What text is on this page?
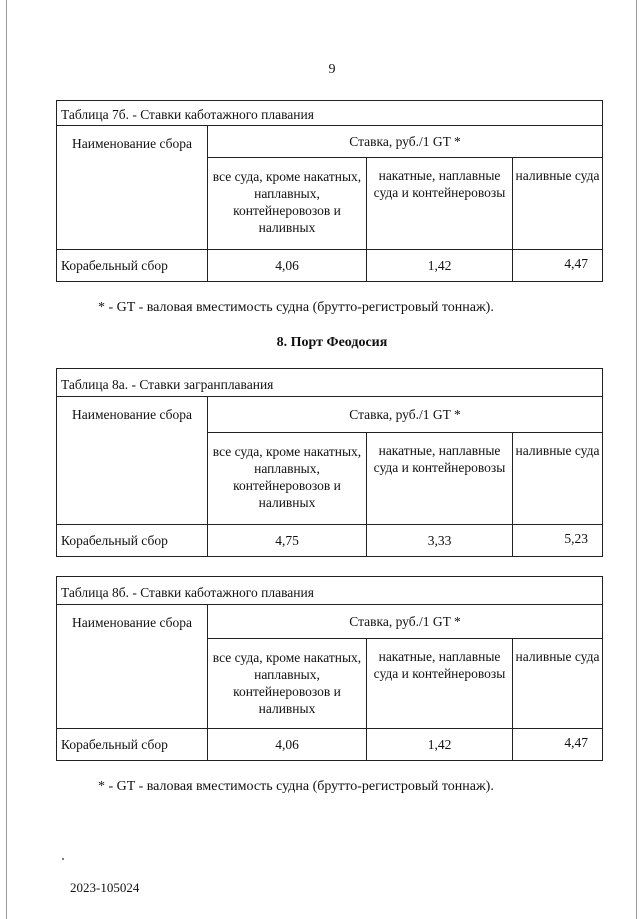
9
Таблица 7б. - Ставки каботажного плавания			
Наименование сбора	Ставка, руб./1 GT *		
	все суда, кроме накатных, наплавных, контейнеровозов и наливных	накатные, наплавные суда и контейнеровозы	наливные суда
Корабельный сбор	4,06	1,42	4,47
* - GT - валовая вместимость судна (брутто-регистровый тоннаж).
8. Порт Феодосия
Таблица 8а. - Ставки загранплавания			
Наименование сбора	Ставка, руб./1 GT *		
	все суда, кроме накатных, наплавных, контейнеровозов и наливных	накатные, наплавные суда и контейнеровозы	наливные суда
Корабельный сбор	4,75	3,33	5,23
Таблица 8б. - Ставки каботажного плавания			
Наименование сбора	Ставка, руб./1 GT *		
	все суда, кроме накатных, наплавных, контейнеровозов и наливных	накатные, наплавные суда и контейнеровозы	наливные суда
Корабельный сбор	4,06	1,42	4,47
* - GT - валовая вместимость судна (брутто-регистровый тоннаж).
2023-105024
